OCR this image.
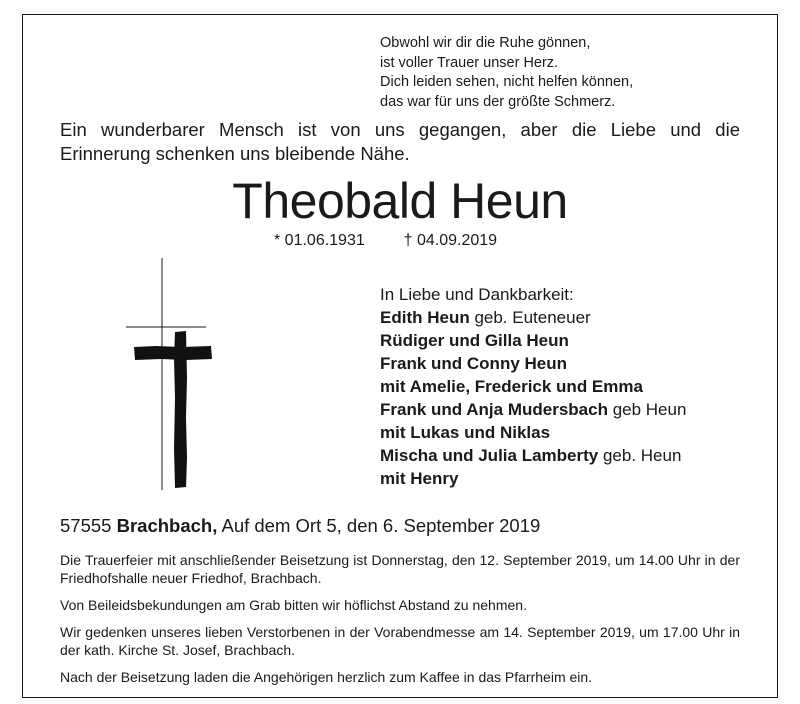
Obwohl wir dir die Ruhe gönnen,
ist voller Trauer unser Herz.
Dich leiden sehen, nicht helfen können,
das war für uns der größte Schmerz.
Ein wunderbarer Mensch ist von uns gegangen, aber die Liebe und die
Erinnerung schenken uns bleibende Nähe.
Theobald Heun
* 01.06.1931 † 04.09.2019
In Liebe und Dankbarkeit:
Edith Heun geb. Euteneuer
Rüdiger und Gilla Heun
Frank und Conny Heun
mit Amelie, Frederick und Emma
Frank und Anja Mudersbach geb Heun
mit Lukas und Niklas
Mischa und Julia Lamberty geb. Heun
mit Henry
57555 Brachbach, Auf dem Ort 5, den 6. September 2019

Die Trauerfeier mit anschließender Beisetzung ist Donnerstag, den 12. September 2019, um 14.00 Uhr in der Friedhofshalle neuer Friedhof, Brachbach.

Von Beileidsbekundungen am Grab bitten wir höflichst Abstand zu nehmen.

Wir gedenken unseres lieben Verstorbenen in der Vorabendmesse am 14. September 2019, um 17.00 Uhr in der kath. Kirche St. Josef, Brachbach.

Nach der Beisetzung laden die Angehörigen herzlich zum Kaffee in das Pfarrheim ein.
